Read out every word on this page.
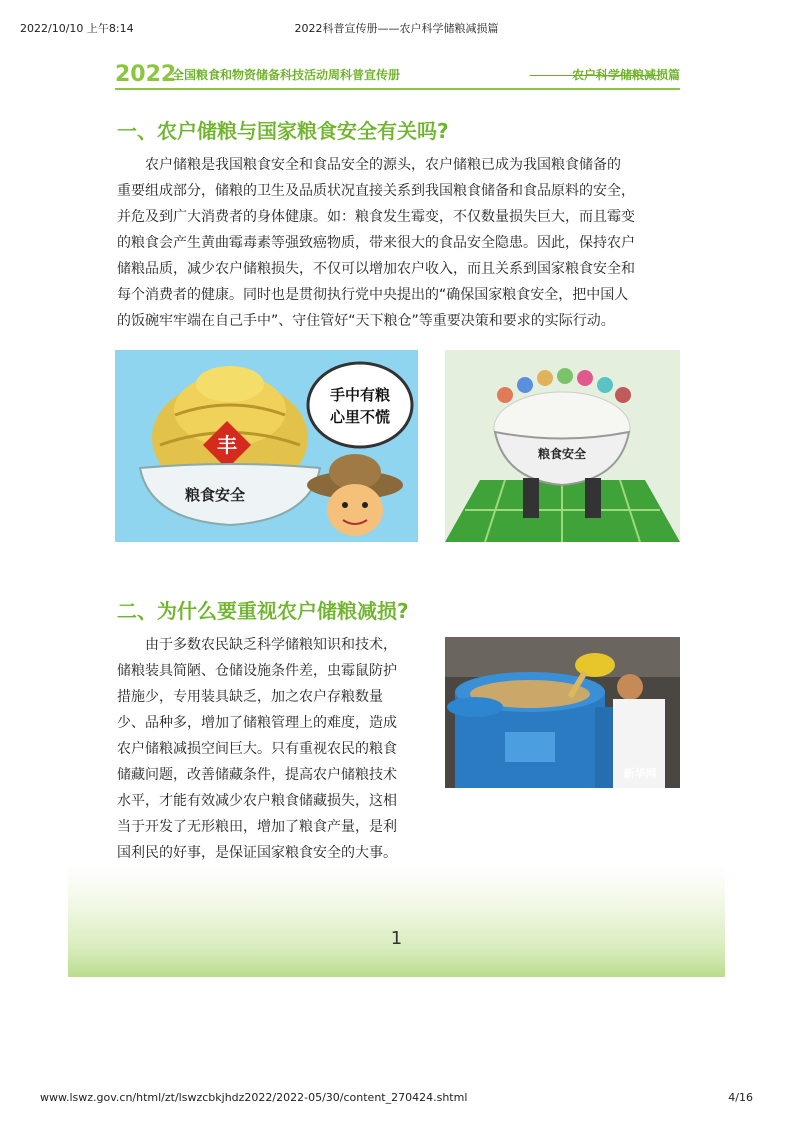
2022/10/10 上午8:14	2022科普宣传册——农户科学储粮减损篇
2022
全国粮食和物资储备科技活动周科普宣传册	农户科学储粮减损篇
一、农户储粮与国家粮食安全有关吗?
　　农户储粮是我国粮食安全和食品安全的源头，农户储粮已成为我国粮食储备的
重要组成部分，储粮的卫生及品质状况直接关系到我国粮食储备和食品原料的安全，
并危及到广大消费者的身体健康。如：粮食发生霉变，不仅数量损失巨大，而且霉变
的粮食会产生黄曲霉毒素等强致癌物质，带来很大的食品安全隐患。因此，保持农户
储粮品质，减少农户储粮损失，不仅可以增加农户收入，而且关系到国家粮食安全和
每个消费者的健康。同时也是贯彻执行党中央提出的“确保国家粮食安全，把中国人
的饭碗牢牢端在自己手中”、守住管好“天下粮仓”等重要决策和要求的实际行动。
丰
粮食安全
手中有粮
心里不慌
粮食安全
二、为什么要重视农户储粮减损?
　　由于多数农民缺乏科学储粮知识和技术，
储粮装具简陋、仓储设施条件差，虫霉鼠防护
措施少，专用装具缺乏，加之农户存粮数量
少、品种多，增加了储粮管理上的难度，造成
农户储粮减损空间巨大。只有重视农民的粮食
储藏问题，改善储藏条件，提高农户储粮技术
水平，才能有效减少农户粮食储藏损失，这相
当于开发了无形粮田，增加了粮食产量，是利
国利民的好事，是保证国家粮食安全的大事。
新华网
1
www.lswz.gov.cn/html/zt/lswzcbkjhdz2022/2022-05/30/content_270424.shtml	4/16
